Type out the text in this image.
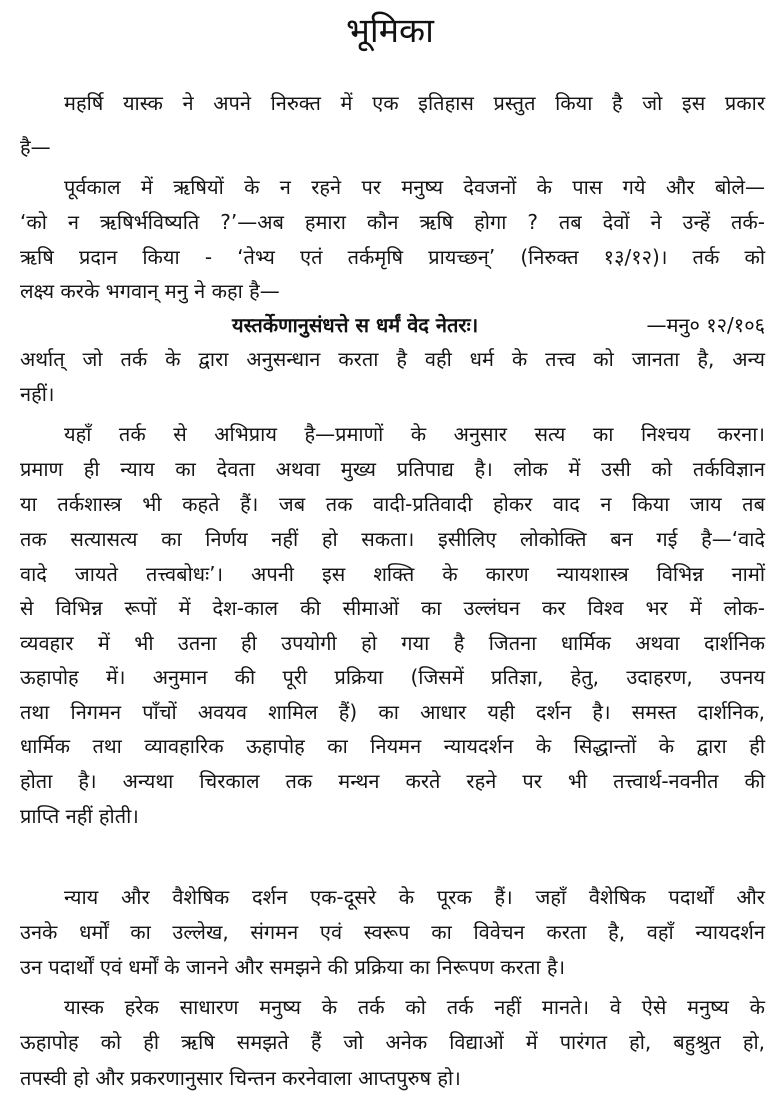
भूमिका
महर्षि यास्क ने अपने निरुक्त में एक इतिहास प्रस्तुत किया है जो इस प्रकार
है—
पूर्वकाल में ऋषियों के न रहने पर मनुष्य देवजनों के पास गये और बोले—
‘को न ऋषिर्भविष्यति ?’—अब हमारा कौन ऋषि होगा ? तब देवों ने उन्हें तर्क-
ऋषि प्रदान किया - ‘तेभ्य एतं तर्कमृषि प्रायच्छन्’ (निरुक्त १३/१२)। तर्क को
लक्ष्य करके भगवान् मनु ने कहा है—
यस्तर्केणानुसंधत्ते स धर्मं वेद नेतरः।	—मनु० १२/१०६
अर्थात् जो तर्क के द्वारा अनुसन्धान करता है वही धर्म के तत्त्व को जानता है, अन्य
नहीं।
यहाँ तर्क से अभिप्राय है—प्रमाणों के अनुसार सत्य का निश्चय करना।
प्रमाण ही न्याय का देवता अथवा मुख्य प्रतिपाद्य है। लोक में उसी को तर्कविज्ञान
या तर्कशास्त्र भी कहते हैं। जब तक वादी-प्रतिवादी होकर वाद न किया जाय तब
तक सत्यासत्य का निर्णय नहीं हो सकता। इसीलिए लोकोक्ति बन गई है—‘वादे
वादे जायते तत्त्वबोधः’। अपनी इस शक्ति के कारण न्यायशास्त्र विभिन्न नामों
से विभिन्न रूपों में देश-काल की सीमाओं का उल्लंघन कर विश्व भर में लोक-
व्यवहार में भी उतना ही उपयोगी हो गया है जितना धार्मिक अथवा दार्शनिक
ऊहापोह में। अनुमान की पूरी प्रक्रिया (जिसमें प्रतिज्ञा, हेतु, उदाहरण, उपनय
तथा निगमन पाँचों अवयव शामिल हैं) का आधार यही दर्शन है। समस्त दार्शनिक,
धार्मिक तथा व्यावहारिक ऊहापोह का नियमन न्यायदर्शन के सिद्धान्तों के द्वारा ही
होता है। अन्यथा चिरकाल तक मन्थन करते रहने पर भी तत्त्वार्थ-नवनीत की
प्राप्ति नहीं होती।
न्याय और वैशेषिक दर्शन एक-दूसरे के पूरक हैं। जहाँ वैशेषिक पदार्थों और
उनके धर्मों का उल्लेख, संगमन एवं स्वरूप का विवेचन करता है, वहाँ न्यायदर्शन
उन पदार्थों एवं धर्मों के जानने और समझने की प्रक्रिया का निरूपण करता है।
यास्क हरेक साधारण मनुष्य के तर्क को तर्क नहीं मानते। वे ऐसे मनुष्य के
ऊहापोह को ही ऋषि समझते हैं जो अनेक विद्याओं में पारंगत हो, बहुश्रुत हो,
तपस्वी हो और प्रकरणानुसार चिन्तन करनेवाला आप्तपुरुष हो।
